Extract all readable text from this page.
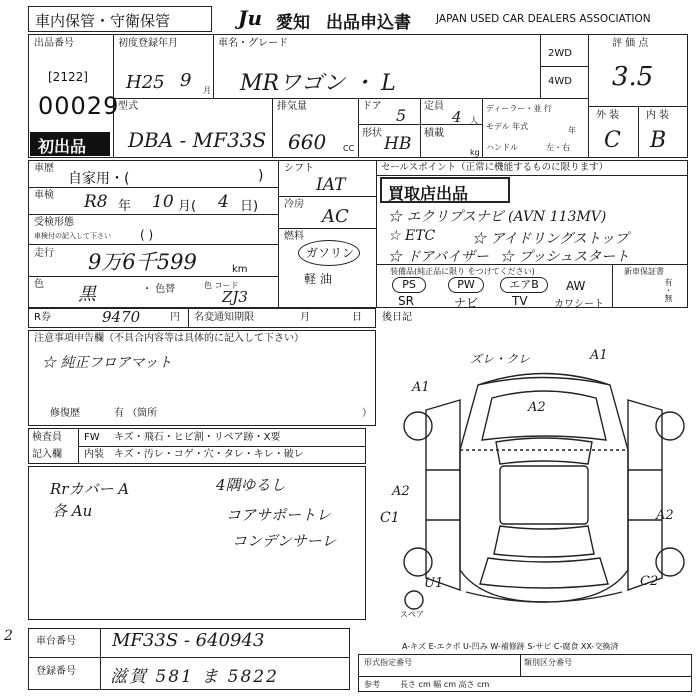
車内保管・守衛保管	Ju 愛知 出品申込書 JAPAN USED CAR DEALERS ASSOCIATION
出品番号
[2122]
00029
初出品
初度登録年月
H25 9 月
車名・グレード
MRワゴン ・ L
2WD
4WD
評 価 点
3.5
外 装	内 装
C B
型式
DBA - MF33S
排気量
660 CC
ドア 5 定員
4 人
形状
HB
積載
kg
ディーラー・並 行
モデル 年式	年
ハンドル	左・右
車歴
自家用・(	)
車検 R8 年 10 月( 4 日)
受検形態
車検付の記入して下さい ( )
走行 9万6千599	km
色 黒	・ 色替	色 コード
ZJ3
シフト
IAT
冷房
AC
燃料
ガソリン
軽 油
セールスポイント（正常に機能するものに限ります）
買取店出品
☆ エクリプスナビ (AVN 113MV)
☆ ETC	☆ アイドリングストップ
☆ ドアバイザー ☆ プッシュスタート
装備品(純正品に限り をつけてください)
PS	PW	エアB	AW
SR	ナビ	TV	カワシート
新車保証書
有・無
R券	9470	円 名変通知期限	月	日 後日記
注意事項申告欄（不具合内容等は具体的に記入して下さい）
☆ 純正フロアマット
修復歴	有 （箇所	）
検査員
記入欄
FW キズ・飛石・ヒビ割・リペア跡・X要
内装 キズ・汚レ・コゲ・穴・タレ・キレ・破レ
Rrカバー A
各 Au
4隅ゆるし
コアサポートレ
コンデンサーレ
ズレ・クレ	A1
A1
A2
A2
C1	A2
U1	C2
スペア
2 車台番号 MF33S - 640943
登録番号 滋賀 581 ま 5822
A-キズ E-エクボ U-凹み W-補修跡 S-サビ C-腐食 XX-交換済
形式指定番号	類別区分番号
参考	長さ cm 幅 cm 高さ cm
